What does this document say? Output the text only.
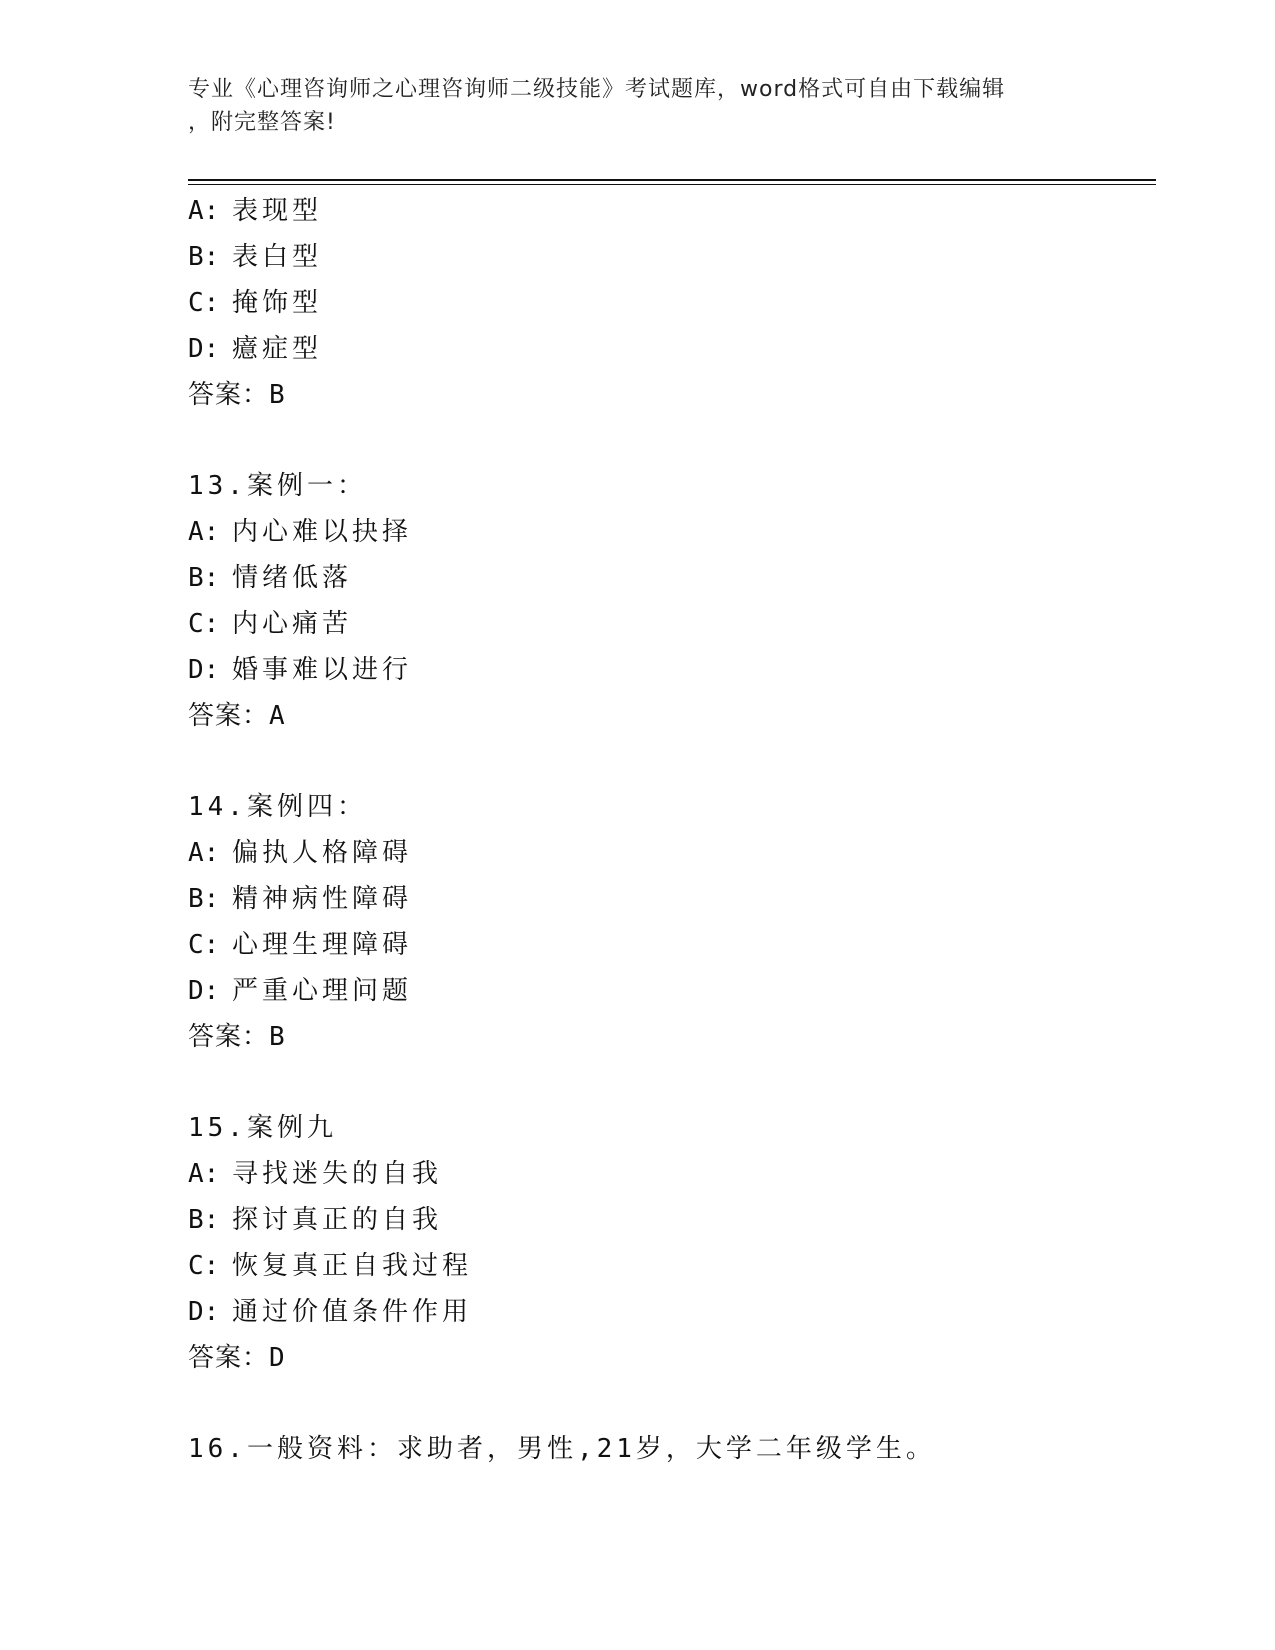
专业《心理咨询师之心理咨询师二级技能》考试题库，word格式可自由下载编辑
，附完整答案!
A: 表现型
B: 表白型
C: 掩饰型
D: 癔症型
答案：B
13.案例一：
A: 内心难以抉择
B: 情绪低落
C: 内心痛苦
D: 婚事难以进行
答案：A
14.案例四：
A: 偏执人格障碍
B: 精神病性障碍
C: 心理生理障碍
D: 严重心理问题
答案：B
15.案例九
A: 寻找迷失的自我
B: 探讨真正的自我
C: 恢复真正自我过程
D: 通过价值条件作用
答案：D
16.一般资料：求助者，男性,21岁，大学二年级学生。
